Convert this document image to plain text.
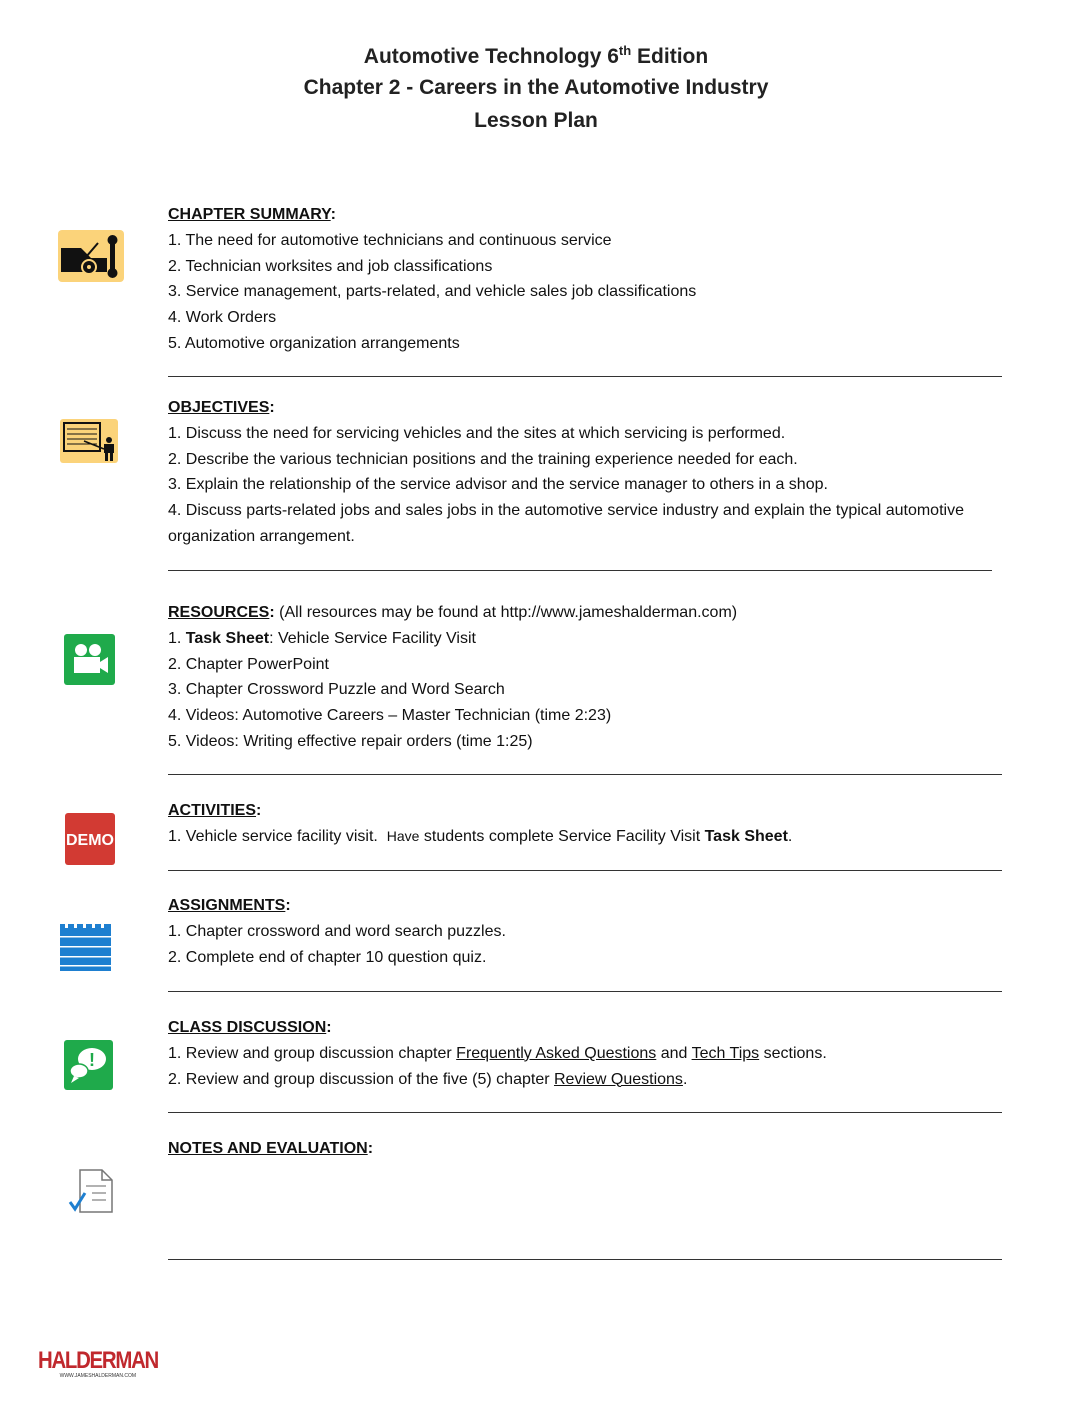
Automotive Technology 6th Edition
Chapter 2 - Careers in the Automotive Industry
Lesson Plan
CHAPTER SUMMARY:
1. The need for automotive technicians and continuous service
2. Technician worksites and job classifications
3. Service management, parts-related, and vehicle sales job classifications
4. Work Orders
5. Automotive organization arrangements
OBJECTIVES:
1. Discuss the need for servicing vehicles and the sites at which servicing is performed.
2. Describe the various technician positions and the training experience needed for each.
3. Explain the relationship of the service advisor and the service manager to others in a shop.
4. Discuss parts-related jobs and sales jobs in the automotive service industry and explain the typical automotive organization arrangement.
RESOURCES: (All resources may be found at http://www.jameshalderman.com)
1. Task Sheet: Vehicle Service Facility Visit
2. Chapter PowerPoint
3. Chapter Crossword Puzzle and Word Search
4. Videos: Automotive Careers – Master Technician (time 2:23)
5. Videos: Writing effective repair orders (time 1:25)
DEMO
ACTIVITIES:
1. Vehicle service facility visit.  Have students complete Service Facility Visit Task Sheet.
ASSIGNMENTS:
1. Chapter crossword and word search puzzles.
2. Complete end of chapter 10 question quiz.
!
CLASS DISCUSSION:
1. Review and group discussion chapter Frequently Asked Questions and Tech Tips sections.
2. Review and group discussion of the five (5) chapter Review Questions.
NOTES AND EVALUATION:
HALDERMAN
WWW.JAMESHALDERMAN.COM
